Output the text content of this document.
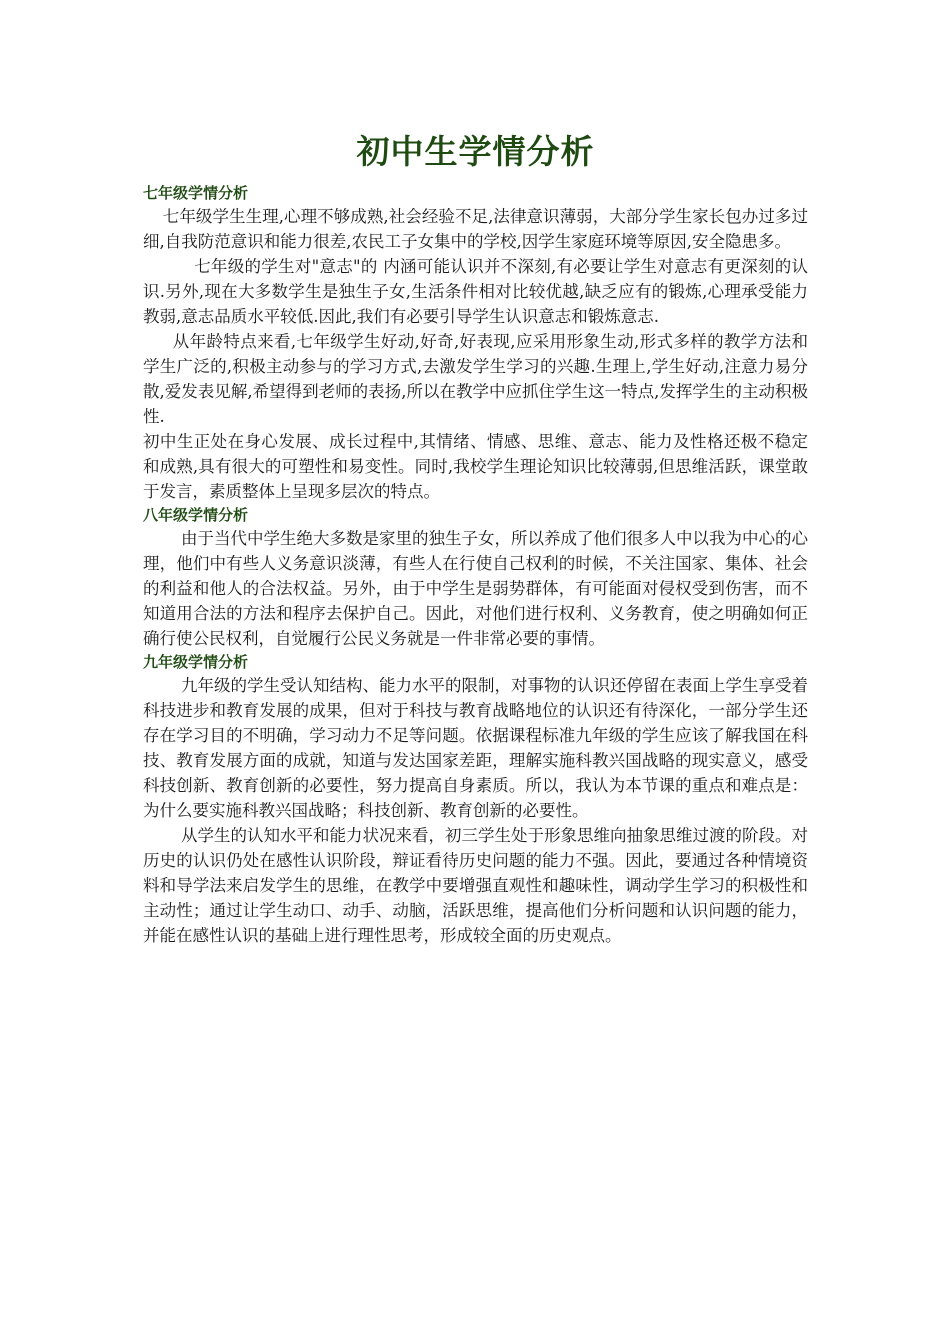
初中生学情分析

七年级学情分析

七年级学生生理,心理不够成熟,社会经验不足,法律意识薄弱，大部分学生家长包办过多过细,自我防范意识和能力很差,农民工子女集中的学校,因学生家庭环境等原因,安全隐患多。

七年级的学生对"意志"的 内涵可能认识并不深刻,有必要让学生对意志有更深刻的认识.另外,现在大多数学生是独生子女,生活条件相对比较优越,缺乏应有的锻炼,心理承受能力教弱,意志品质水平较低.因此,我们有必要引导学生认识意志和锻炼意志.

从年龄特点来看,七年级学生好动,好奇,好表现,应采用形象生动,形式多样的教学方法和学生广泛的,积极主动参与的学习方式,去激发学生学习的兴趣.生理上,学生好动,注意力易分散,爱发表见解,希望得到老师的表扬,所以在教学中应抓住学生这一特点,发挥学生的主动积极性.

初中生正处在身心发展、成长过程中,其情绪、情感、思维、意志、能力及性格还极不稳定和成熟,具有很大的可塑性和易变性。同时,我校学生理论知识比较薄弱,但思维活跃，课堂敢于发言，素质整体上呈现多层次的特点。

八年级学情分析

由于当代中学生绝大多数是家里的独生子女，所以养成了他们很多人中以我为中心的心理，他们中有些人义务意识淡薄，有些人在行使自己权利的时候，不关注国家、集体、社会的利益和他人的合法权益。另外，由于中学生是弱势群体，有可能面对侵权受到伤害，而不知道用合法的方法和程序去保护自己。因此，对他们进行权利、义务教育，使之明确如何正确行使公民权利，自觉履行公民义务就是一件非常必要的事情。

九年级学情分析

九年级的学生受认知结构、能力水平的限制，对事物的认识还停留在表面上学生享受着科技进步和教育发展的成果，但对于科技与教育战略地位的认识还有待深化，一部分学生还存在学习目的不明确，学习动力不足等问题。依据课程标准九年级的学生应该了解我国在科技、教育发展方面的成就，知道与发达国家差距，理解实施科教兴国战略的现实意义，感受科技创新、教育创新的必要性，努力提高自身素质。所以，我认为本节课的重点和难点是：为什么要实施科教兴国战略；科技创新、教育创新的必要性。

从学生的认知水平和能力状况来看，初三学生处于形象思维向抽象思维过渡的阶段。对历史的认识仍处在感性认识阶段，辩证看待历史问题的能力不强。因此，要通过各种情境资料和导学法来启发学生的思维，在教学中要增强直观性和趣味性，调动学生学习的积极性和主动性；通过让学生动口、动手、动脑，活跃思维，提高他们分析问题和认识问题的能力，并能在感性认识的基础上进行理性思考，形成较全面的历史观点。
